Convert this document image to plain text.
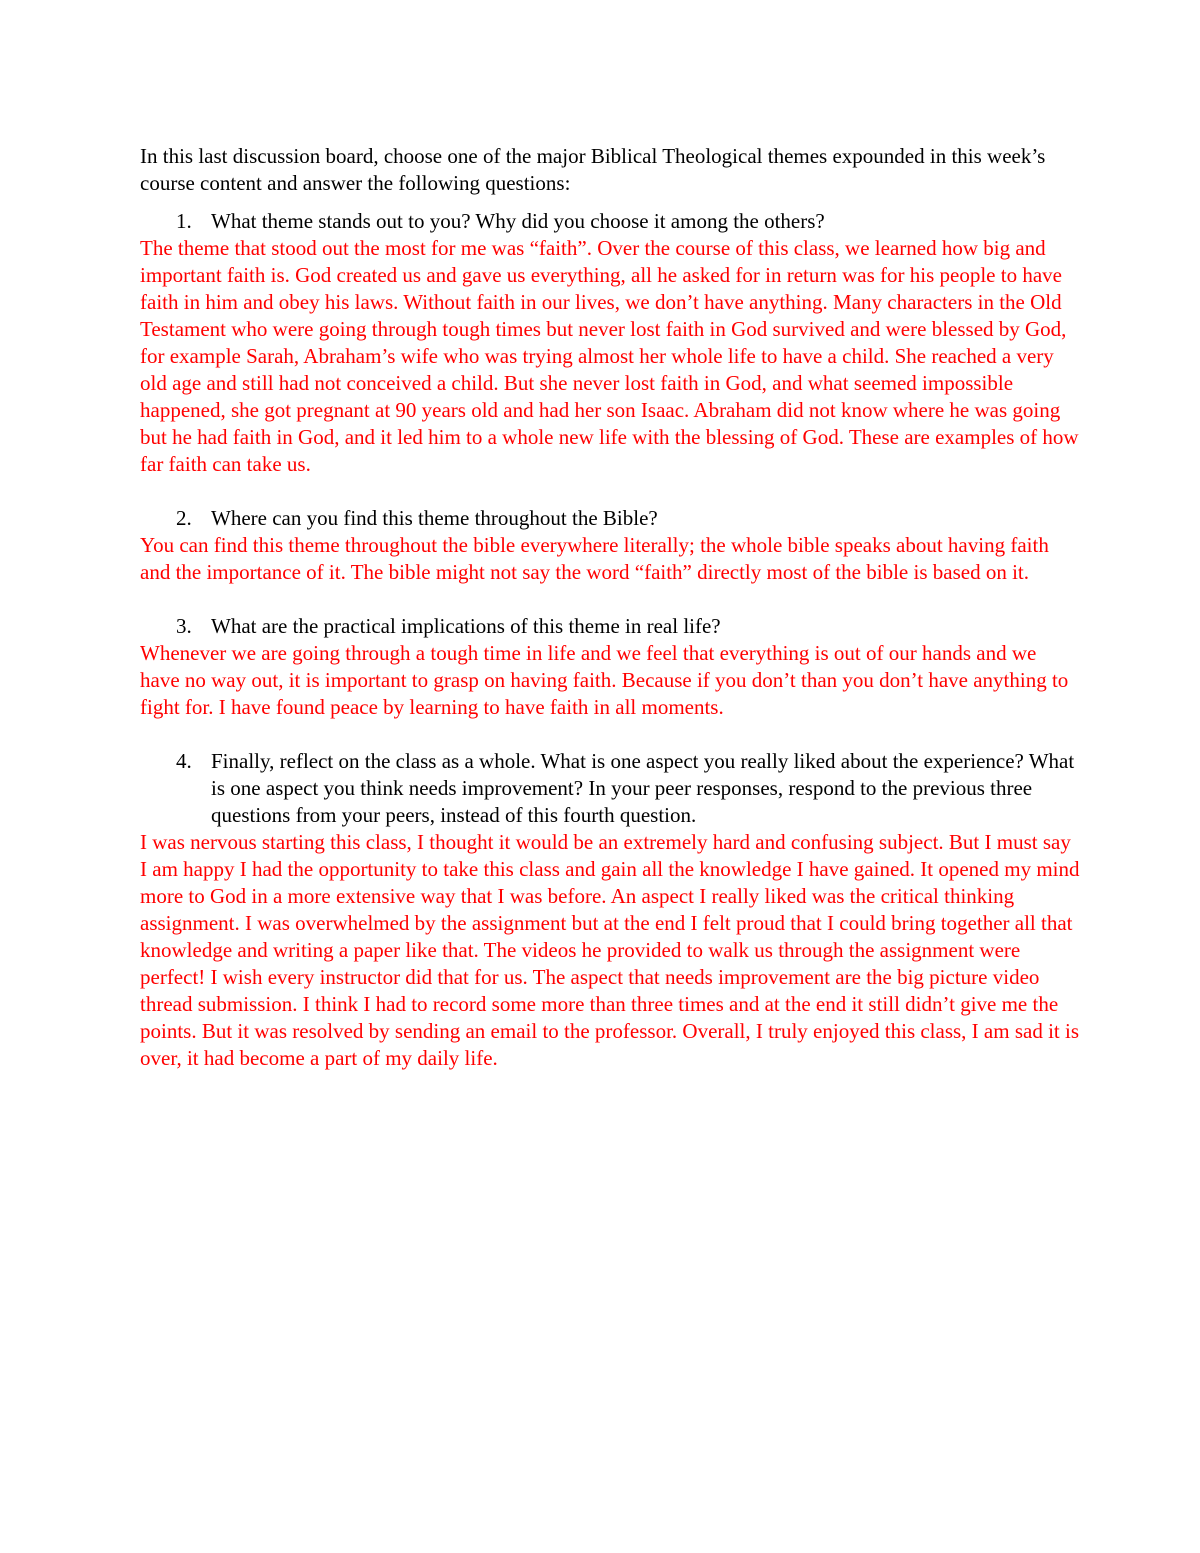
In this last discussion board, choose one of the major Biblical Theological themes expounded in this week’s course content and answer the following questions:

1. What theme stands out to you? Why did you choose it among the others?

The theme that stood out the most for me was “faith”. Over the course of this class, we learned how big and important faith is. God created us and gave us everything, all he asked for in return was for his people to have faith in him and obey his laws. Without faith in our lives, we don’t have anything. Many characters in the Old Testament who were going through tough times but never lost faith in God survived and were blessed by God, for example Sarah, Abraham’s wife who was trying almost her whole life to have a child. She reached a very old age and still had not conceived a child. But she never lost faith in God, and what seemed impossible happened, she got pregnant at 90 years old and had her son Isaac. Abraham did not know where he was going but he had faith in God, and it led him to a whole new life with the blessing of God. These are examples of how far faith can take us.

2. Where can you find this theme throughout the Bible?

You can find this theme throughout the bible everywhere literally; the whole bible speaks about having faith and the importance of it. The bible might not say the word “faith” directly most of the bible is based on it.

3. What are the practical implications of this theme in real life?

Whenever we are going through a tough time in life and we feel that everything is out of our hands and we have no way out, it is important to grasp on having faith. Because if you don’t than you don’t have anything to fight for. I have found peace by learning to have faith in all moments.

4. Finally, reflect on the class as a whole. What is one aspect you really liked about the experience? What is one aspect you think needs improvement? In your peer responses, respond to the previous three questions from your peers, instead of this fourth question.

I was nervous starting this class, I thought it would be an extremely hard and confusing subject. But I must say I am happy I had the opportunity to take this class and gain all the knowledge I have gained. It opened my mind more to God in a more extensive way that I was before. An aspect I really liked was the critical thinking assignment. I was overwhelmed by the assignment but at the end I felt proud that I could bring together all that knowledge and writing a paper like that. The videos he provided to walk us through the assignment were perfect! I wish every instructor did that for us. The aspect that needs improvement are the big picture video thread submission. I think I had to record some more than three times and at the end it still didn’t give me the points. But it was resolved by sending an email to the professor. Overall, I truly enjoyed this class, I am sad it is over, it had become a part of my daily life.
